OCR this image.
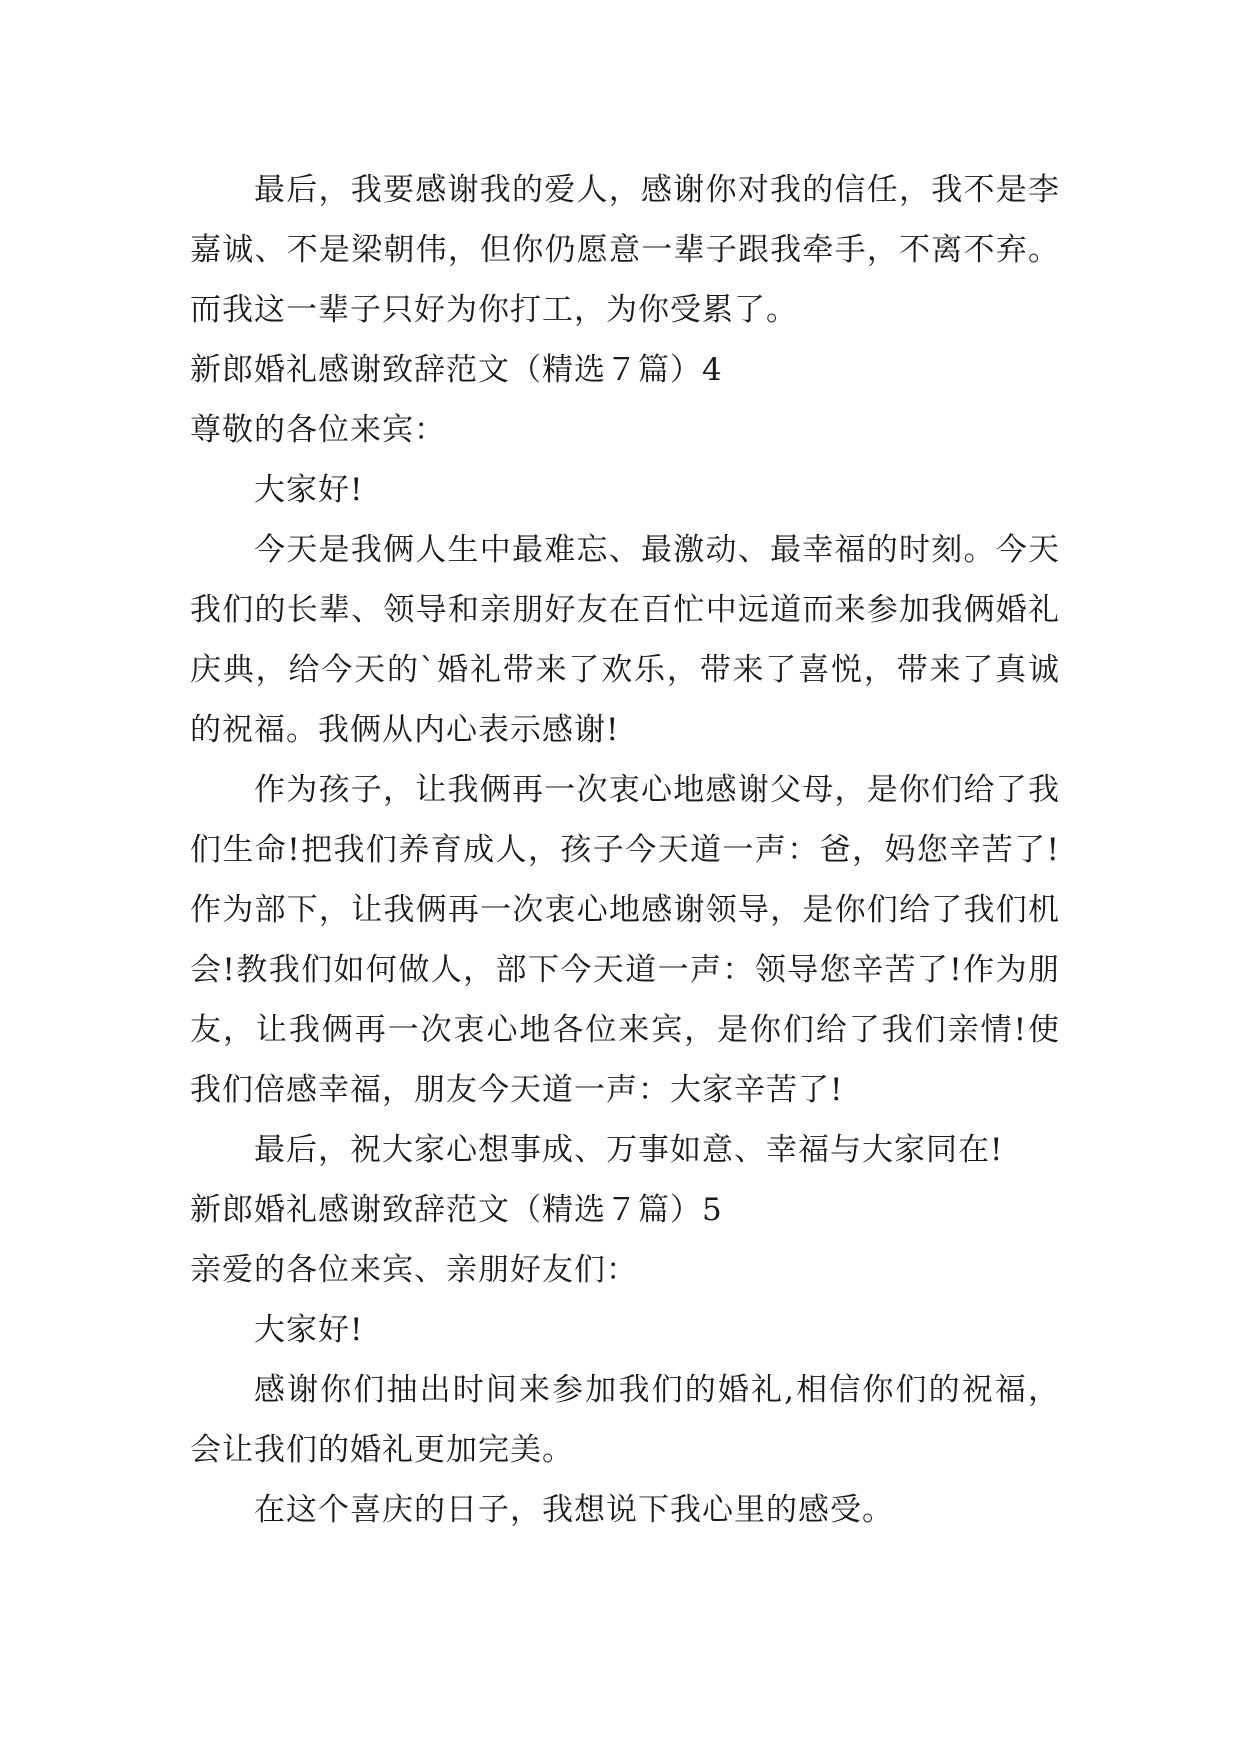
最后，我要感谢我的爱人，感谢你对我的信任，我不是李嘉诚、不是梁朝伟，但你仍愿意一辈子跟我牵手，不离不弃。而我这一辈子只好为你打工，为你受累了。

新郎婚礼感谢致辞范文（精选７篇）4

尊敬的各位来宾：

大家好!

今天是我俩人生中最难忘、最激动、最幸福的时刻。今天我们的长辈、领导和亲朋好友在百忙中远道而来参加我俩婚礼庆典，给今天的`婚礼带来了欢乐，带来了喜悦，带来了真诚的祝福。我俩从内心表示感谢!

作为孩子，让我俩再一次衷心地感谢父母，是你们给了我们生命!把我们养育成人，孩子今天道一声：爸，妈您辛苦了!作为部下，让我俩再一次衷心地感谢领导，是你们给了我们机会!教我们如何做人，部下今天道一声：领导您辛苦了!作为朋友，让我俩再一次衷心地各位来宾，是你们给了我们亲情!使我们倍感幸福，朋友今天道一声：大家辛苦了!

最后，祝大家心想事成、万事如意、幸福与大家同在!

新郎婚礼感谢致辞范文（精选７篇）5

亲爱的各位来宾、亲朋好友们：

大家好!

感谢你们抽出时间来参加我们的婚礼,相信你们的祝福，会让我们的婚礼更加完美。

在这个喜庆的日子，我想说下我心里的感受。
